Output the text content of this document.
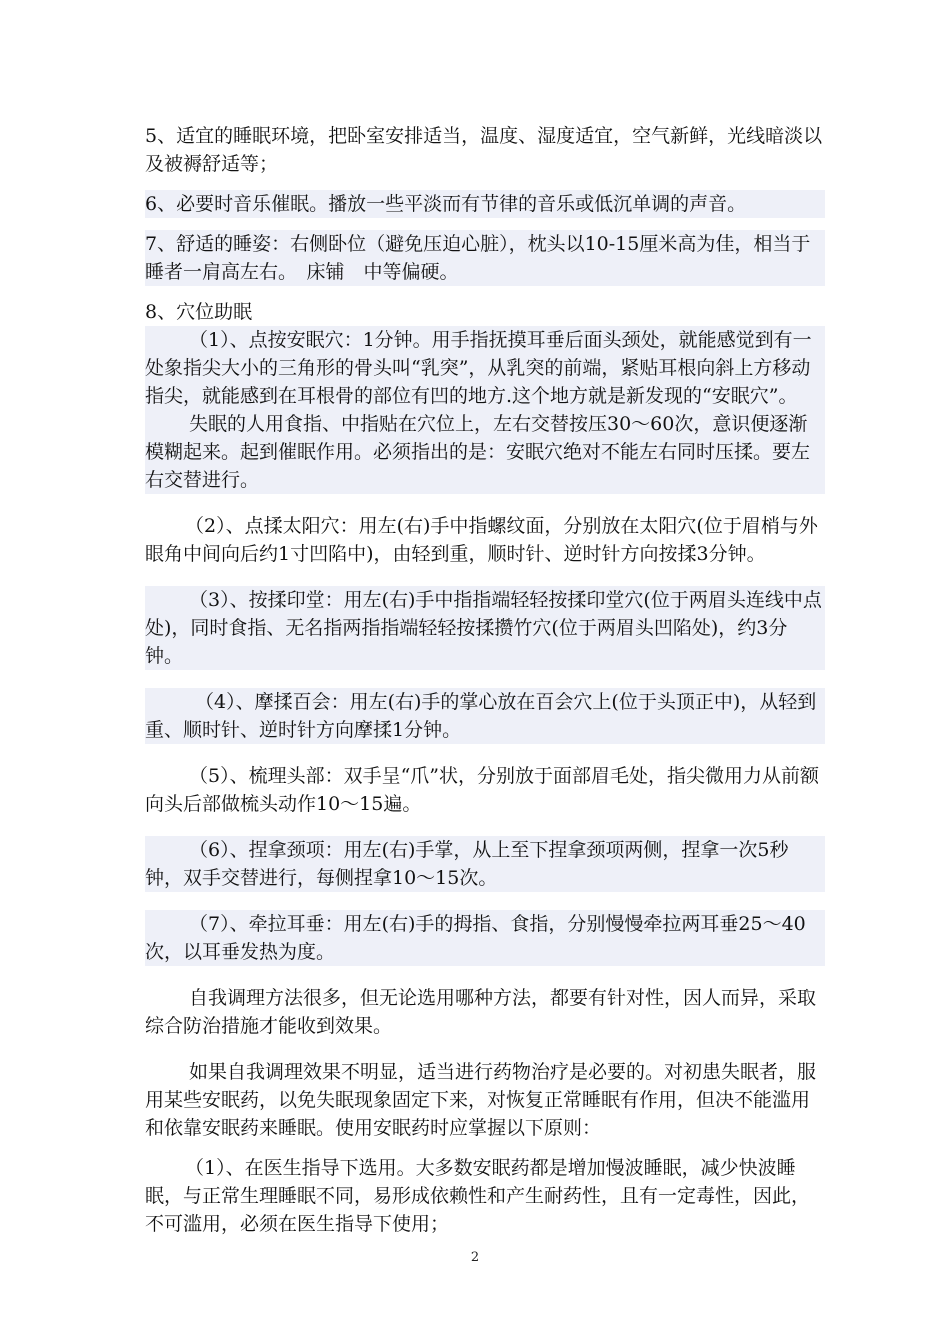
5、适宜的睡眠环境，把卧室安排适当，温度、湿度适宜，空气新鲜，光线暗淡以及被褥舒适等；

6、必要时音乐催眠。播放一些平淡而有节律的音乐或低沉单调的声音。

7、舒适的睡姿：右侧卧位（避免压迫心脏），枕头以10-15厘米高为佳，相当于睡者一肩高左右。　床铺　中等偏硬。

8、穴位助眠

（1）、点按安眠穴：1分钟。用手指抚摸耳垂后面头颈处，就能感觉到有一处象指尖大小的三角形的骨头叫“乳突”，从乳突的前端，紧贴耳根向斜上方移动指尖，就能感到在耳根骨的部位有凹的地方.这个地方就是新发现的“安眠穴”。

失眠的人用食指、中指贴在穴位上，左右交替按压30～60次，意识便逐渐模糊起来。起到催眠作用。必须指出的是：安眠穴绝对不能左右同时压揉。要左右交替进行。

（2）、点揉太阳穴：用左(右)手中指螺纹面，分别放在太阳穴(位于眉梢与外眼角中间向后约1寸凹陷中)，由轻到重，顺时针、逆时针方向按揉3分钟。

（3）、按揉印堂：用左(右)手中指指端轻轻按揉印堂穴(位于两眉头连线中点处)，同时食指、无名指两指指端轻轻按揉攒竹穴(位于两眉头凹陷处)，约3分钟。

（4）、摩揉百会：用左(右)手的掌心放在百会穴上(位于头顶正中)，从轻到重、顺时针、逆时针方向摩揉1分钟。

（5）、梳理头部：双手呈“爪”状，分别放于面部眉毛处，指尖微用力从前额向头后部做梳头动作10～15遍。

（6）、捏拿颈项：用左(右)手掌，从上至下捏拿颈项两侧，捏拿一次5秒钟，双手交替进行，每侧捏拿10～15次。

（7）、牵拉耳垂：用左(右)手的拇指、食指，分别慢慢牵拉两耳垂25～40次，以耳垂发热为度。

自我调理方法很多，但无论选用哪种方法，都要有针对性，因人而异，采取综合防治措施才能收到效果。

如果自我调理效果不明显，适当进行药物治疗是必要的。对初患失眠者，服用某些安眠药，以免失眠现象固定下来，对恢复正常睡眠有作用，但决不能滥用和依靠安眠药来睡眠。使用安眠药时应掌握以下原则：

（1）、在医生指导下选用。大多数安眠药都是增加慢波睡眠，减少快波睡眠，与正常生理睡眠不同，易形成依赖性和产生耐药性，且有一定毒性，因此，不可滥用，必须在医生指导下使用；

2
